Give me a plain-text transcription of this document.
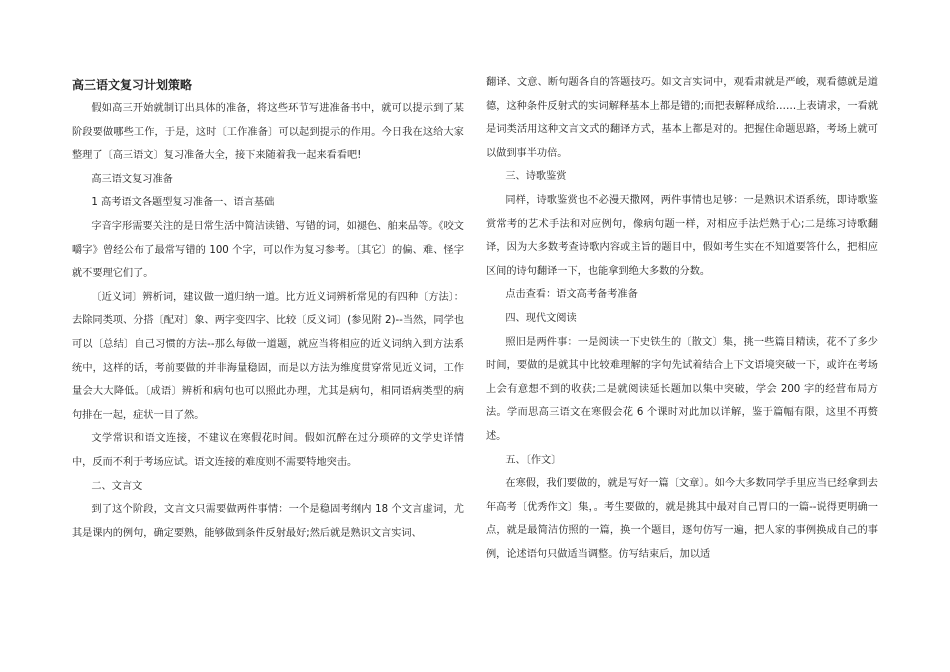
高三语文复习计划策略

假如高三开始就制订出具体的准备，将这些环节写进准备书中，就可以提示到了某阶段要做哪些工作，于是，这时〔工作准备〕可以起到提示的作用。今日我在这给大家整理了〔高三语文〕复习准备大全，接下来随着我一起来看看吧!

高三语文复习准备

1 高考语文各题型复习准备一、语言基础

字音字形需要关注的是日常生活中简洁读错、写错的词，如褪色、舶来品等。《咬文嚼字》曾经公布了最常写错的 100 个字，可以作为复习参考。〔其它〕的偏、难、怪字就不要理它们了。

〔近义词〕辨析词，建议做一道归纳一道。比方近义词辨析常见的有四种〔方法〕：去除同类项、分搭〔配对〕象、两字变四字、比较〔反义词〕(参见附 2)--当然，同学也可以〔总结〕自己习惯的方法--那么每做一道题，就应当将相应的近义词纳入到方法系统中，这样的话，考前要做的并非海量稳固，而是以方法为维度贯穿常见近义词，工作量会大大降低。〔成语〕辨析和病句也可以照此办理，尤其是病句，相同语病类型的病句排在一起，症状一目了然。

文学常识和语文连接，不建议在寒假花时间。假如沉醉在过分琐碎的文学史详情中，反而不利于考场应试。语文连接的难度则不需要特地突击。

二、文言文

到了这个阶段，文言文只需要做两件事情：一个是稳固考纲内 18 个文言虚词，尤其是课内的例句，确定要熟，能够做到条件反射最好;然后就是熟识文言实词、

翻译、文意、断句题各自的答题技巧。如文言实词中，观看肃就是严峻，观看德就是道德，这种条件反射式的实词解释基本上都是错的;而把表解释成给……上表请求，一看就是词类活用这种文言文式的翻译方式，基本上都是对的。把握住命题思路，考场上就可以做到事半功倍。

三、诗歌鉴赏

同样，诗歌鉴赏也不必漫天撒网，两件事情也足够：一是熟识术语系统，即诗歌鉴赏常考的艺术手法和对应例句，像病句题一样，对相应手法烂熟于心;二是练习诗歌翻译，因为大多数考查诗歌内容或主旨的题目中，假如考生实在不知道要答什么，把相应区间的诗句翻译一下，也能拿到绝大多数的分数。

点击查看：语文高考备考准备

四、现代文阅读

照旧是两件事：一是阅读一下史铁生的〔散文〕集，挑一些篇目精读，花不了多少时间，要做的是就其中比较难理解的字句先试着结合上下文语境突破一下，或许在考场上会有意想不到的收获;二是就阅读延长题加以集中突破，学会 200 字的经营布局方法。学而思高三语文在寒假会花 6 个课时对此加以详解，鉴于篇幅有限，这里不再赘述。

五、〔作文〕

在寒假，我们要做的，就是写好一篇〔文章〕。如今大多数同学手里应当已经拿到去年高考〔优秀作文〕集，。考生要做的，就是挑其中最对自己胃口的一篇--说得更明确一点，就是最简洁仿照的一篇，换一个题目，逐句仿写一遍，把人家的事例换成自己的事例，论述语句只做适当调整。仿写结束后，加以适
